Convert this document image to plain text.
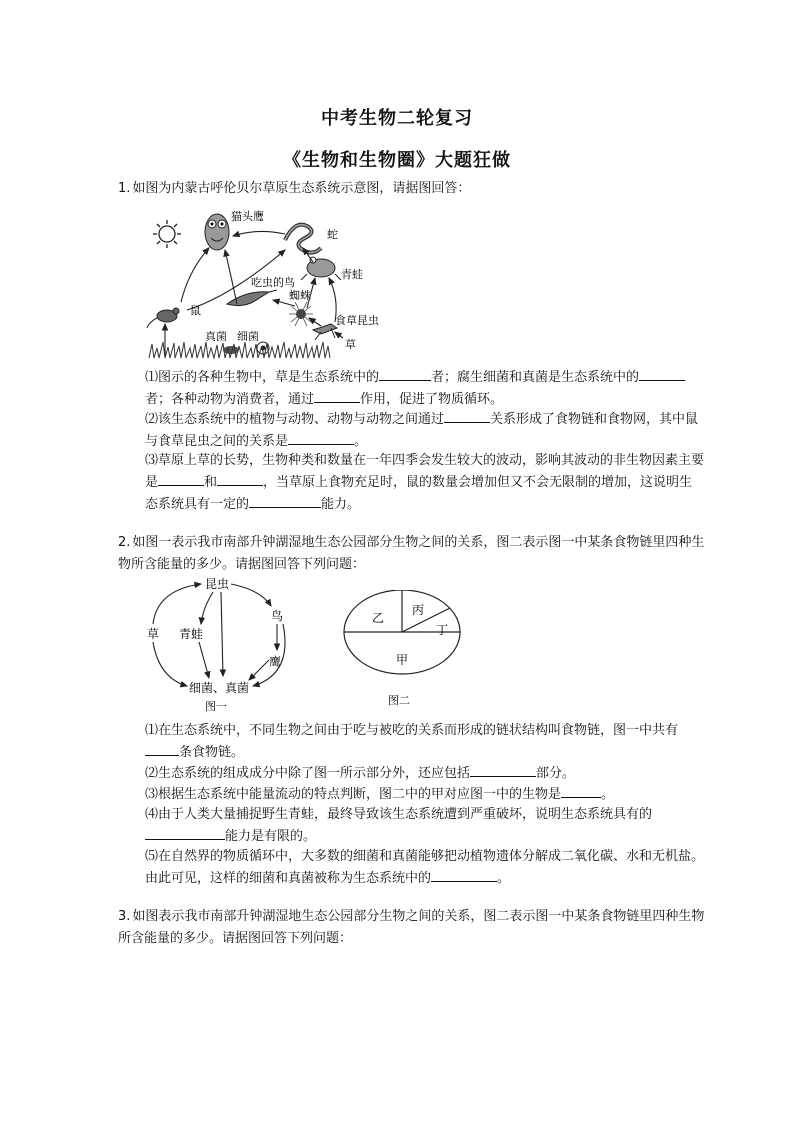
中考生物二轮复习
《生物和生物圈》大题狂做
1. 如图为内蒙古呼伦贝尔草原生态系统示意图，请据图回答：
猫头鹰
蛇
青蛙
吃虫的鸟
蜘蛛
鼠
食草昆虫
真菌 细菌
草

⑴图示的各种生物中，草是生态系统中的	者；腐生细菌和真菌是生态系统中的者；各种动物为消费者，通过	作用，促进了物质循环。

⑵该生态系统中的植物与动物、动物与动物之间通过	关系形成了食物链和食物网，其中鼠与食草昆虫之间的关系是	。

⑶草原上草的长势，生物种类和数量在一年四季会发生较大的波动，影响其波动的非生物因素主要是	和	，当草原上食物充足时，鼠的数量会增加但又不会无限制的增加，这说明生态系统具有一定的	能力。

2. 如图一表示我市南部升钟湖湿地生态公园部分生物之间的关系，图二表示图一中某条食物链里四种生物所含能量的多少。请据图回答下列问题：
昆虫
草 青蛙
鸟
鹰
细菌、真菌
图一
乙
丙
丁
甲
图二

⑴在生态系统中，不同生物之间由于吃与被吃的关系而形成的链状结构叫食物链，图一中共有条食物链。

⑵生态系统的组成成分中除了图一所示部分外，还应包括	部分。

⑶根据生态系统中能量流动的特点判断，图二中的甲对应图一中的生物是	。

⑷由于人类大量捕捉野生青蛙，最终导致该生态系统遭到严重破坏，说明生态系统具有的能力是有限的。

⑸在自然界的物质循环中，大多数的细菌和真菌能够把动植物遗体分解成二氧化碳、水和无机盐。由此可见，这样的细菌和真菌被称为生态系统中的	。

3. 如图表示我市南部升钟湖湿地生态公园部分生物之间的关系，图二表示图一中某条食物链里四种生物所含能量的多少。请据图回答下列问题：
